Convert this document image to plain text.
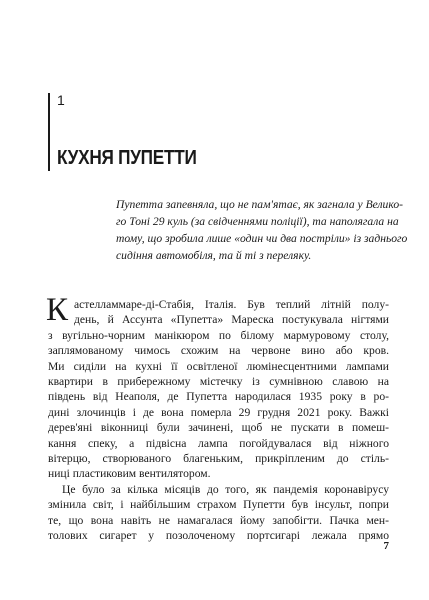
1
КУХНЯ ПУПЕТТИ
Пупетта запевняла, що не пам'ятає, як загнала у Велико-
го Тоні 29 куль (за свідченнями поліції), та наполягала на
тому, що зробила лише «один чи два постріли» із заднього
сидіння автомобіля, та й ті з переляку.
К астелламмаре-ді-Стабія, Італія. Був теплий літній полу-
день, й Ассунта «Пупетта» Мареска постукувала нігтями
з вугільно-чорним манікюром по білому мармуровому столу,
заплямованому чимось схожим на червоне вино або кров.
Ми сиділи на кухні її освітленої люмінесцентними лампами
квартири в прибережному містечку із сумнівною славою на
південь від Неаполя, де Пупетта народилася 1935 року в ро-
дині злочинців і де вона померла 29 грудня 2021 року. Важкі
дерев'яні віконниці були зачинені, щоб не пускати в помеш-
кання спеку, а підвісна лампа погойдувалася від ніжного
вітерцю, створюваного благеньким, прикріпленим до стіль-
ниці пластиковим вентилятором.
Це було за кілька місяців до того, як пандемія коронавірусу
змінила світ, і найбільшим страхом Пупетти був інсульт, попри
те, що вона навіть не намагалася йому запобігти. Пачка мен-
толових сигарет у позолоченому портсигарі лежала прямо
7
